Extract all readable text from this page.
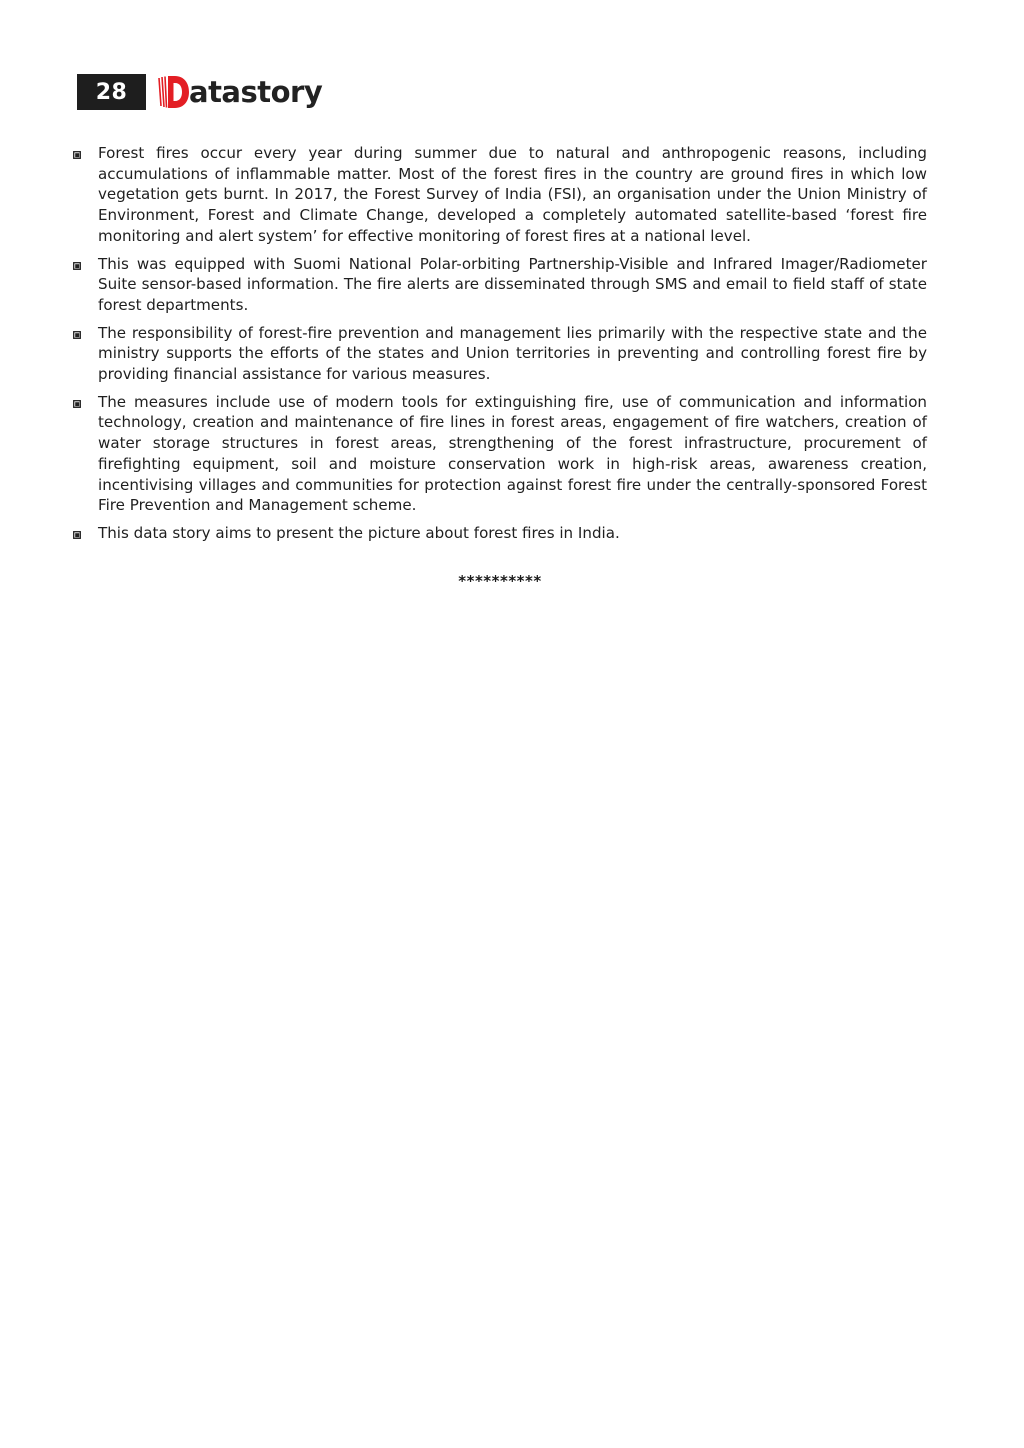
28	atastory
Forest fires occur every year during summer due to natural and anthropogenic reasons, including accumulations of inflammable matter. Most of the forest fires in the country are ground fires in which low vegetation gets burnt. In 2017, the Forest Survey of India (FSI), an organisation under the Union Ministry of Environment, Forest and Climate Change, developed a completely automated satellite-based ‘forest fire monitoring and alert system’ for effective monitoring of forest fires at a national level.
This was equipped with Suomi National Polar-orbiting Partnership-Visible and Infrared Imager/Radiometer Suite sensor-based information. The fire alerts are disseminated through SMS and email to field staff of state forest departments.
The responsibility of forest-fire prevention and management lies primarily with the respective state and the ministry supports the efforts of the states and Union territories in preventing and controlling forest fire by providing financial assistance for various measures.
The measures include use of modern tools for extinguishing fire, use of communication and information technology, creation and maintenance of fire lines in forest areas, engagement of fire watchers, creation of water storage structures in forest areas, strengthening of the forest infrastructure, procurement of firefighting equipment, soil and moisture conservation work in high-risk areas, awareness creation, incentivising villages and communities for protection against forest fire under the centrally-sponsored Forest Fire Prevention and Management scheme.
This data story aims to present the picture about forest fires in India.
**********
